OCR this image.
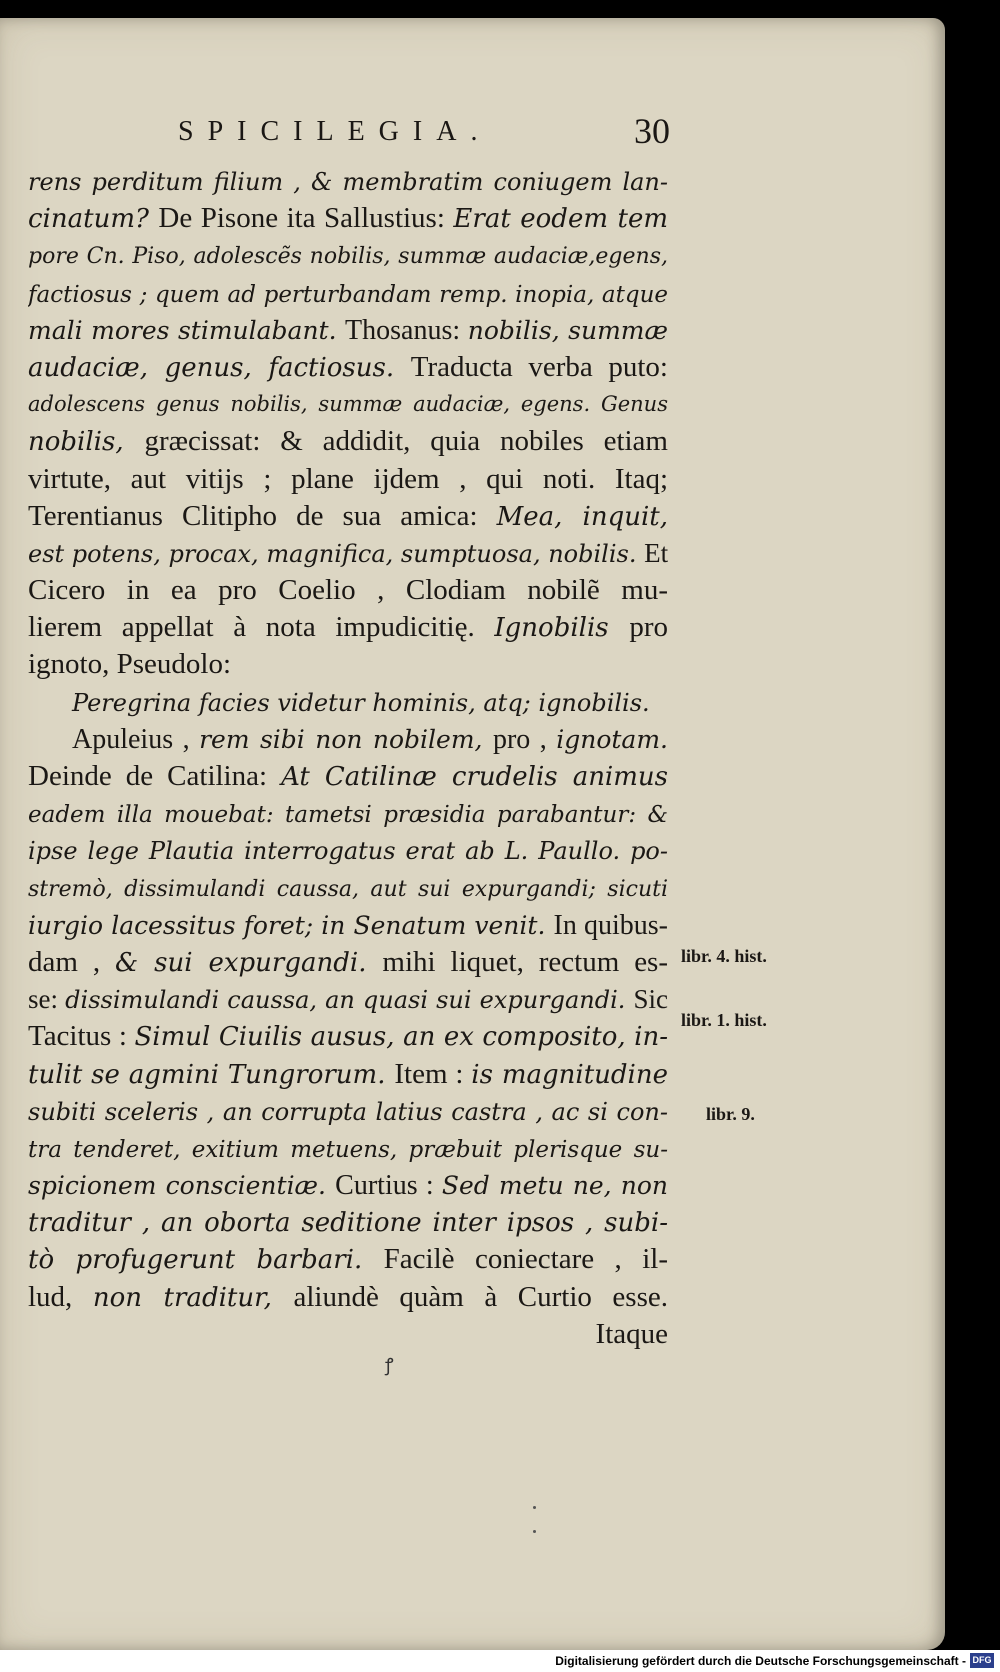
SPICILEGIA.	30
rens perditum filium , & membratim coniugem lan-
cinatum? De Pisone ita Sallustius: Erat eodem tem
pore Cn. Piso, adolescẽs nobilis, summæ audaciæ,egens,
factiosus ; quem ad perturbandam remp. inopia, atque
mali mores stimulabant. Thosanus: nobilis, summæ
audaciæ, genus, factiosus. Traducta verba puto:
adolescens genus nobilis, summæ audaciæ, egens. Genus
nobilis, græcissat: & addidit, quia nobiles etiam
virtute, aut vitijs ; plane ijdem , qui noti. Itaq;
Terentianus Clitipho de sua amica: Mea, inquit,
est potens, procax, magnifica, sumptuosa, nobilis. Et
Cicero in ea pro Coelio , Clodiam nobilẽ mu-
lierem appellat à nota impudicitię. Ignobilis pro
ignoto, Pseudolo:
Peregrina facies videtur hominis, atq; ignobilis.
Apuleius , rem sibi non nobilem, pro , ignotam.
Deinde de Catilina: At Catilinæ crudelis animus
eadem illa mouebat: tametsi præsidia parabantur: &
ipse lege Plautia interrogatus erat ab L. Paullo. po-
stremò, dissimulandi caussa, aut sui expurgandi; sicuti
iurgio lacessitus foret; in Senatum venit. In quibus-
dam , & sui expurgandi. mihi liquet, rectum es-
se: dissimulandi caussa, an quasi sui expurgandi. Sic
Tacitus : Simul Ciuilis ausus, an ex composito, in-
tulit se agmini Tungrorum. Item : is magnitudine
subiti sceleris , an corrupta latius castra , ac si con-
tra tenderet, exitium metuens, præbuit plerisque su-
spicionem conscientiæ. Curtius : Sed metu ne, non
traditur , an oborta seditione inter ipsos , subi-
tò profugerunt barbari. Facilè coniectare , il-
lud, non traditur, aliundè quàm à Curtio esse.
Itaque
libr. 4. hist.
libr. 1. hist.
libr. 9.
ꝭ
Digitalisierung gefördert durch die Deutsche Forschungsgemeinschaft - DFG
